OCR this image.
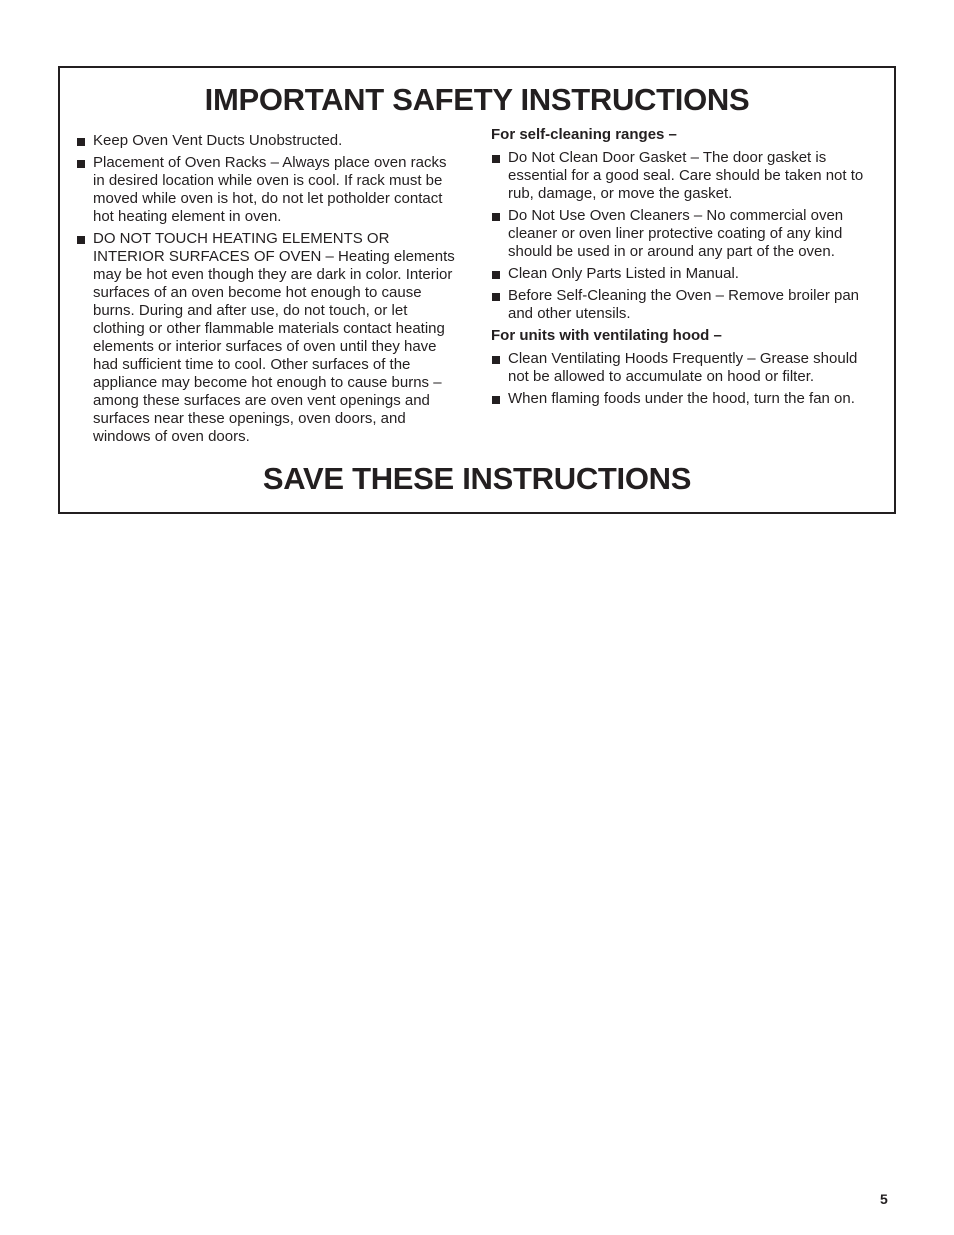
IMPORTANT SAFETY INSTRUCTIONS
Keep Oven Vent Ducts Unobstructed.
Placement of Oven Racks – Always place oven racks in desired location while oven is cool. If rack must be moved while oven is hot, do not let potholder contact hot heating element in oven.
DO NOT TOUCH HEATING ELEMENTS OR INTERIOR SURFACES OF OVEN – Heating elements may be hot even though they are dark in color. Interior surfaces of an oven become hot enough to cause burns. During and after use, do not touch, or let clothing or other flammable materials contact heating elements or interior surfaces of oven until they have had sufficient time to cool. Other surfaces of the appliance may become hot enough to cause burns – among these surfaces are oven vent openings and surfaces near these openings, oven doors, and windows of oven doors.

For self-cleaning ranges –

Do Not Clean Door Gasket – The door gasket is essential for a good seal. Care should be taken not to rub, damage, or move the gasket.
Do Not Use Oven Cleaners – No commercial oven cleaner or oven liner protective coating of any kind should be used in or around any part of the oven.
Clean Only Parts Listed in Manual.
Before Self-Cleaning the Oven – Remove broiler pan and other utensils.

For units with ventilating hood –

Clean Ventilating Hoods Frequently – Grease should not be allowed to accumulate on hood or filter.
When flaming foods under the hood, turn the fan on.
SAVE THESE INSTRUCTIONS
5
